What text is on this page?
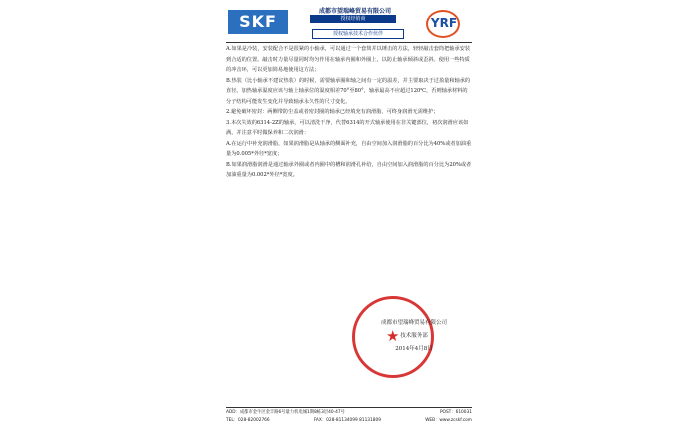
SKF
成都市望瑞峰贸易有限公司
授权经销商
授权轴承技术合作伙伴
YRF

A.如果是冷装，安装配合不是很紧的小轴承，可以通过一个套筒并以锤击的方法，轻轻敲击套筒把轴承安装到合适的位置。敲击时力量尽量同时均匀作用在轴承内圈和外圈上，以防止轴承倾斜或歪斜。使用一些特质的冲击环，可以更加简易地使用这方法；

B.热装（比小轴承不建议热装）的时候，需要轴承圈和轴之间有一定的温差，并主要取决于过盈量和轴承的直径。加热轴承温度应该与轴上轴承位的温度相差70°至80°，轴承最高不应超过120℃，否则轴承材料的分子结构可能发生变化并导致轴承永久性的尺寸变化。

2.避免破坏密封：两侧带防尘盖或者密封圈的轴承已经填充有润滑脂，可终身润滑无需维护；

3.本次失效的6314-2Z的轴承，可以清洗干净，代替6314的开式轴承使用在非关键部位，初次润滑应该如满，并注意平时做保养和二次润滑：

A.在运行中补充润滑脂，如果润滑脂是从轴承的侧面补充，自由空间加入润滑脂的百分比为40%或者加油重量为0.005*外径*宽度；

B.如果润滑脂润滑是通过轴承外圈或者内圈中的槽和润滑孔补给，自由空间加入润滑脂的百分比为20%或者加油重量为0.002*外径*宽度。

★
成都市望瑞峰贸易有限公司
技术服务部
2014年4月8日
ADD：成都市金牛区金丰路6号量力机电城1期8栋3层40-47号	POST：610031
TEL：028-82002766	FAX：028-81134099 81131809	WEB：www.zcskf.com
